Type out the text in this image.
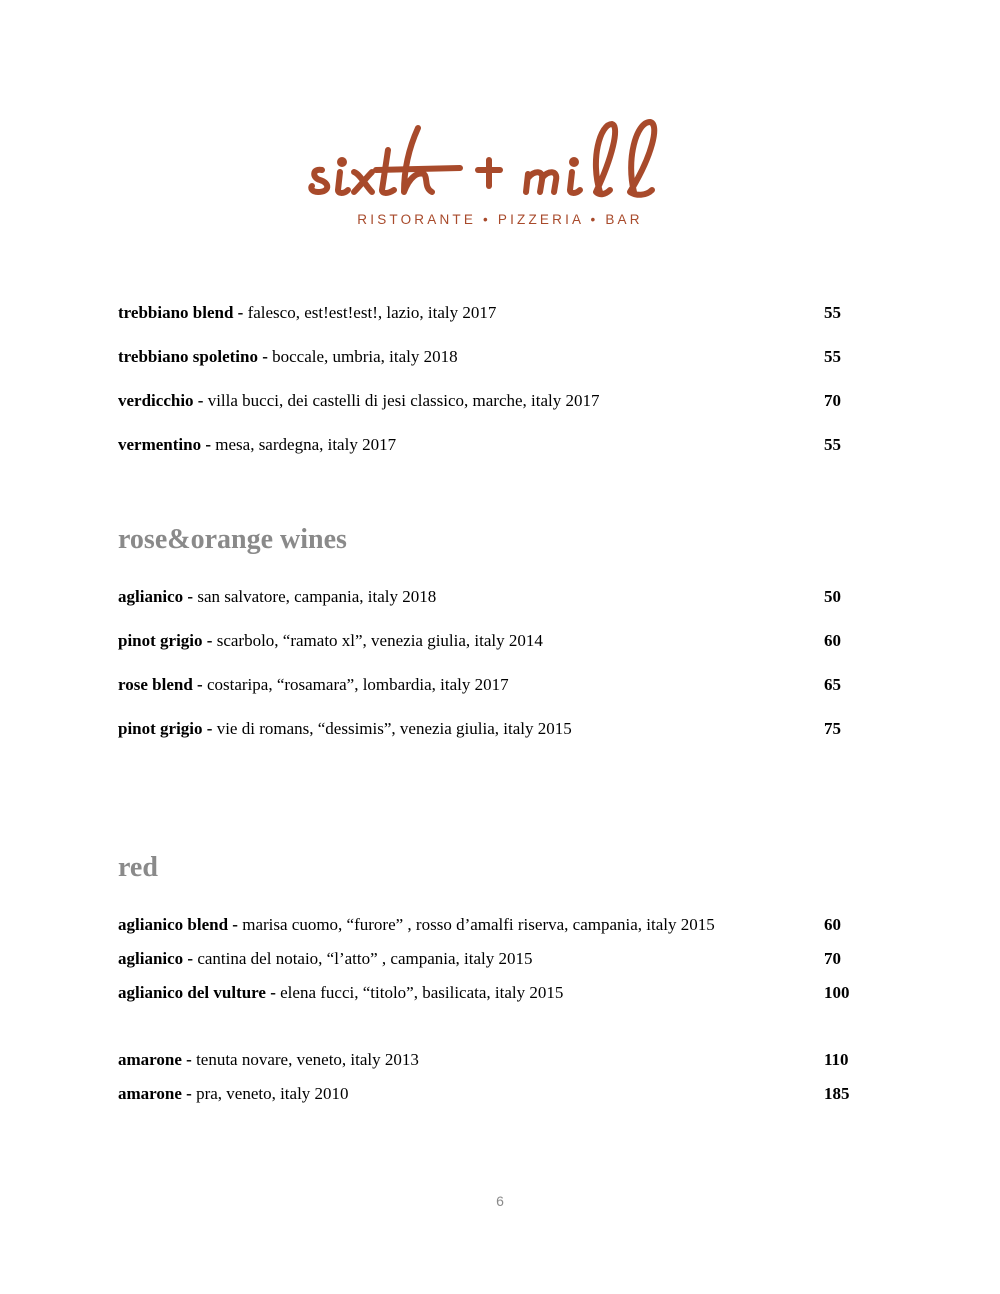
RISTORANTE • PIZZERIA • BAR
trebbiano blend - falesco, est!est!est!, lazio, italy 2017	55
trebbiano spoletino - boccale, umbria, italy 2018	55
verdicchio - villa bucci, dei castelli di jesi classico, marche, italy 2017	70
vermentino - mesa, sardegna, italy 2017	55
rose&orange wines
aglianico - san salvatore, campania, italy 2018	50
pinot grigio - scarbolo, “ramato xl”, venezia giulia, italy 2014	60
rose blend - costaripa, “rosamara”, lombardia, italy 2017	65
pinot grigio - vie di romans, “dessimis”, venezia giulia, italy 2015	75
red
aglianico blend - marisa cuomo, “furore” , rosso d’amalfi riserva, campania, italy 2015	60
aglianico - cantina del notaio, “l’atto” , campania, italy 2015	70
aglianico del vulture - elena fucci, “titolo”, basilicata, italy 2015	100
amarone - tenuta novare, veneto, italy 2013	110
amarone - pra, veneto, italy 2010	185
6
